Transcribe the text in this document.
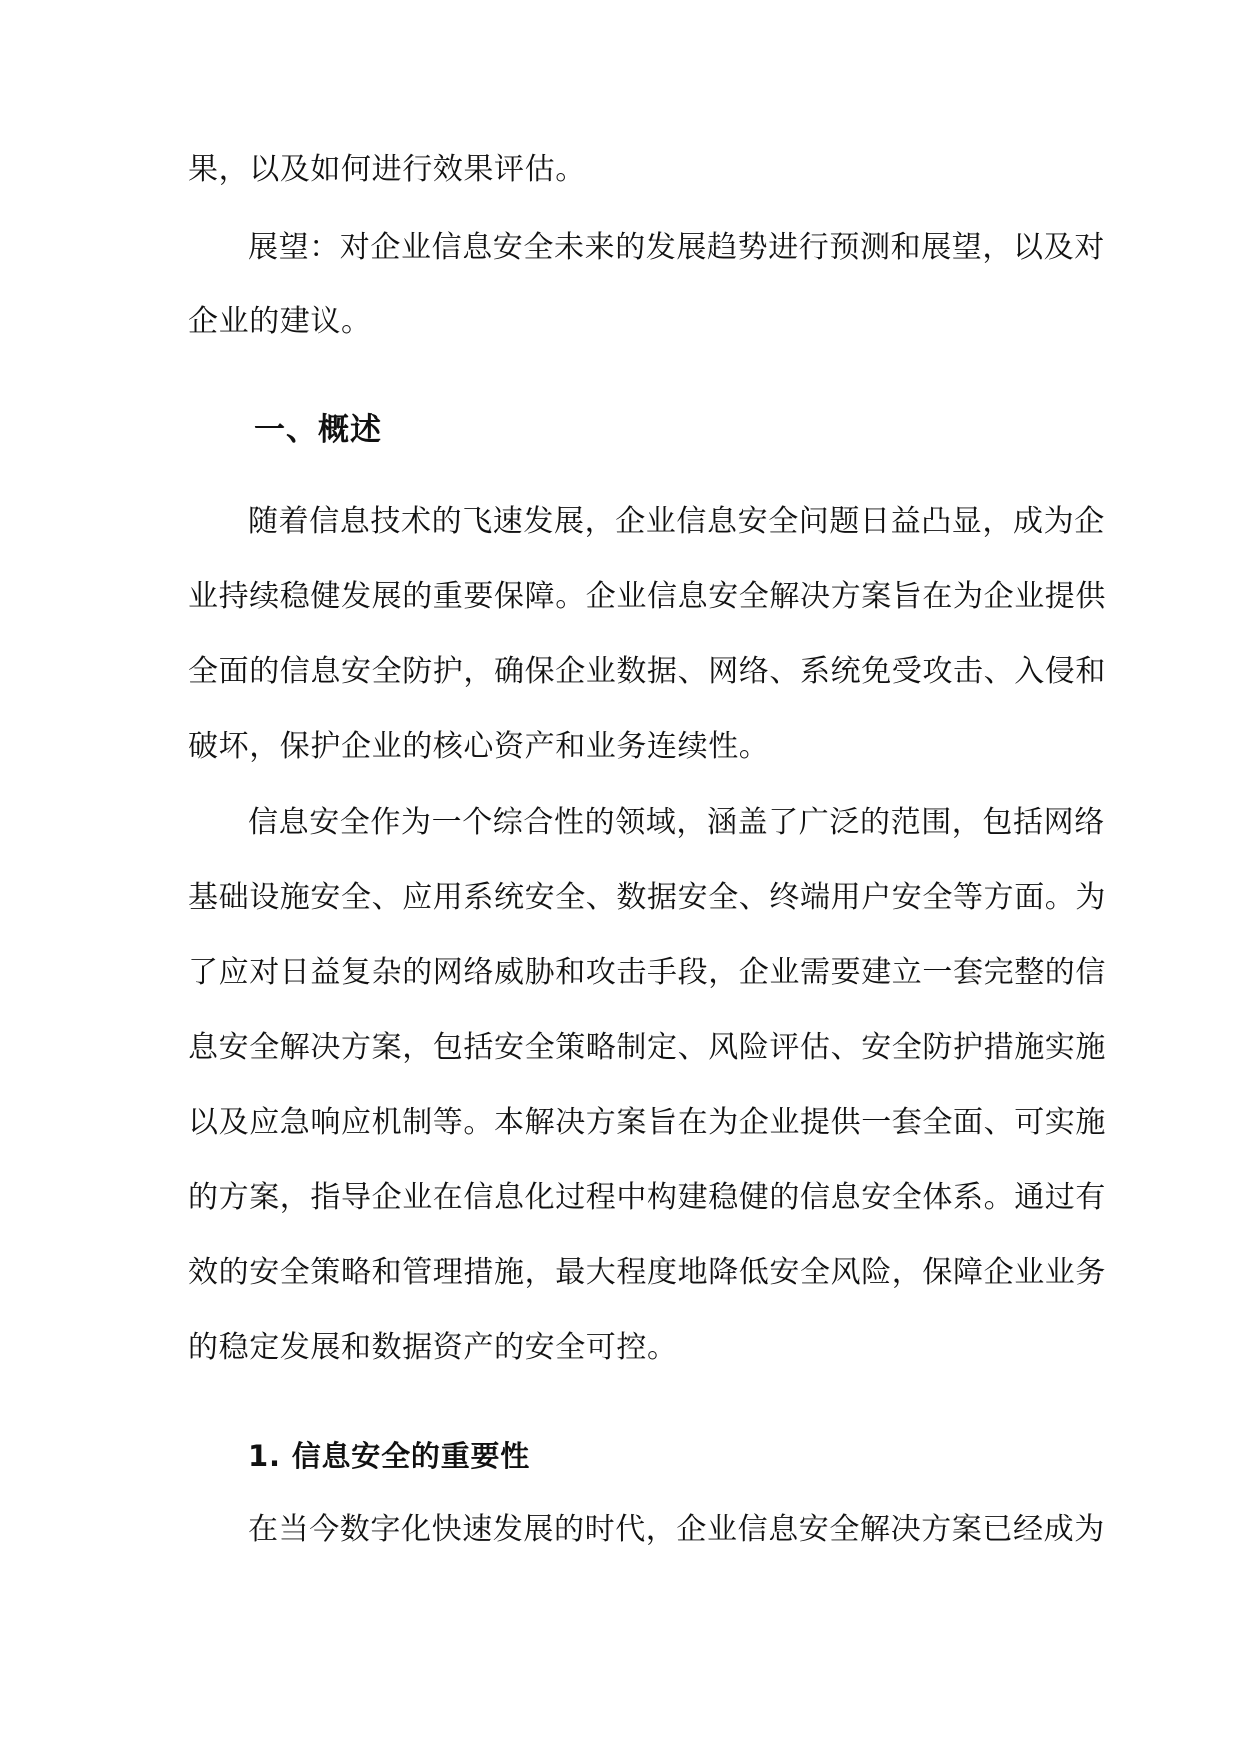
果，以及如何进行效果评估。
展望：对企业信息安全未来的发展趋势进行预测和展望，以及对
企业的建议。
一、概述
随着信息技术的飞速发展，企业信息安全问题日益凸显，成为企
业持续稳健发展的重要保障。企业信息安全解决方案旨在为企业提供
全面的信息安全防护，确保企业数据、网络、系统免受攻击、入侵和
破坏，保护企业的核心资产和业务连续性。
信息安全作为一个综合性的领域，涵盖了广泛的范围，包括网络
基础设施安全、应用系统安全、数据安全、终端用户安全等方面。为
了应对日益复杂的网络威胁和攻击手段，企业需要建立一套完整的信
息安全解决方案，包括安全策略制定、风险评估、安全防护措施实施
以及应急响应机制等。本解决方案旨在为企业提供一套全面、可实施
的方案，指导企业在信息化过程中构建稳健的信息安全体系。通过有
效的安全策略和管理措施，最大程度地降低安全风险，保障企业业务
的稳定发展和数据资产的安全可控。
1. 信息安全的重要性
在当今数字化快速发展的时代，企业信息安全解决方案已经成为
